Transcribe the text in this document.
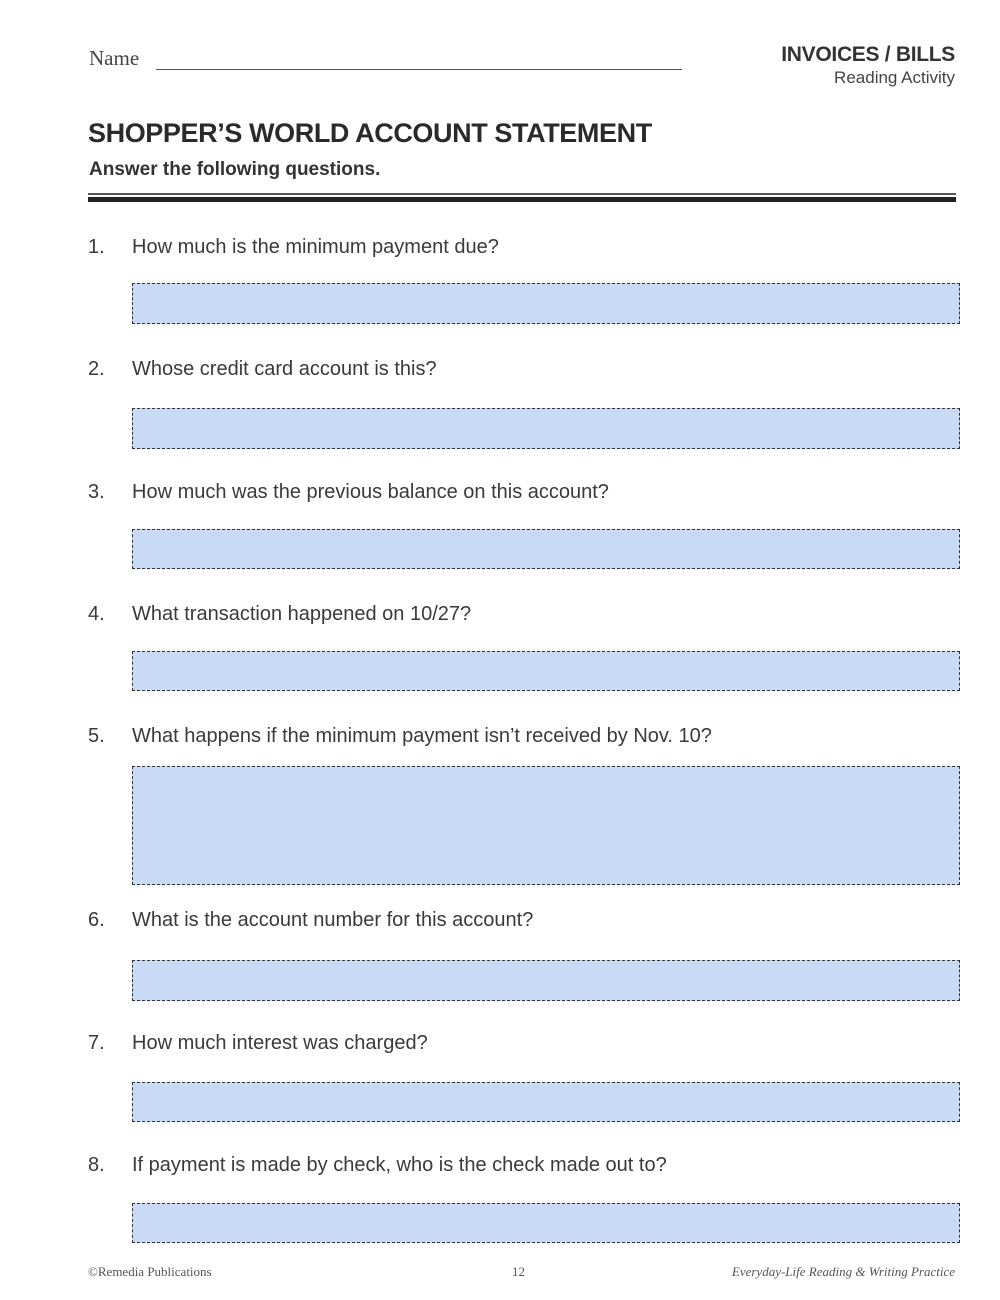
Name	INVOICES / BILLS
Reading Activity
SHOPPER’S WORLD ACCOUNT STATEMENT
Answer the following questions.
1. How much is the minimum payment due?
2. Whose credit card account is this?
3. How much was the previous balance on this account?
4. What transaction happened on 10/27?
5. What happens if the minimum payment isn’t received by Nov. 10?
6. What is the account number for this account?
7. How much interest was charged?
8. If payment is made by check, who is the check made out to?
©Remedia Publications	12	Everyday-Life Reading & Writing Practice
